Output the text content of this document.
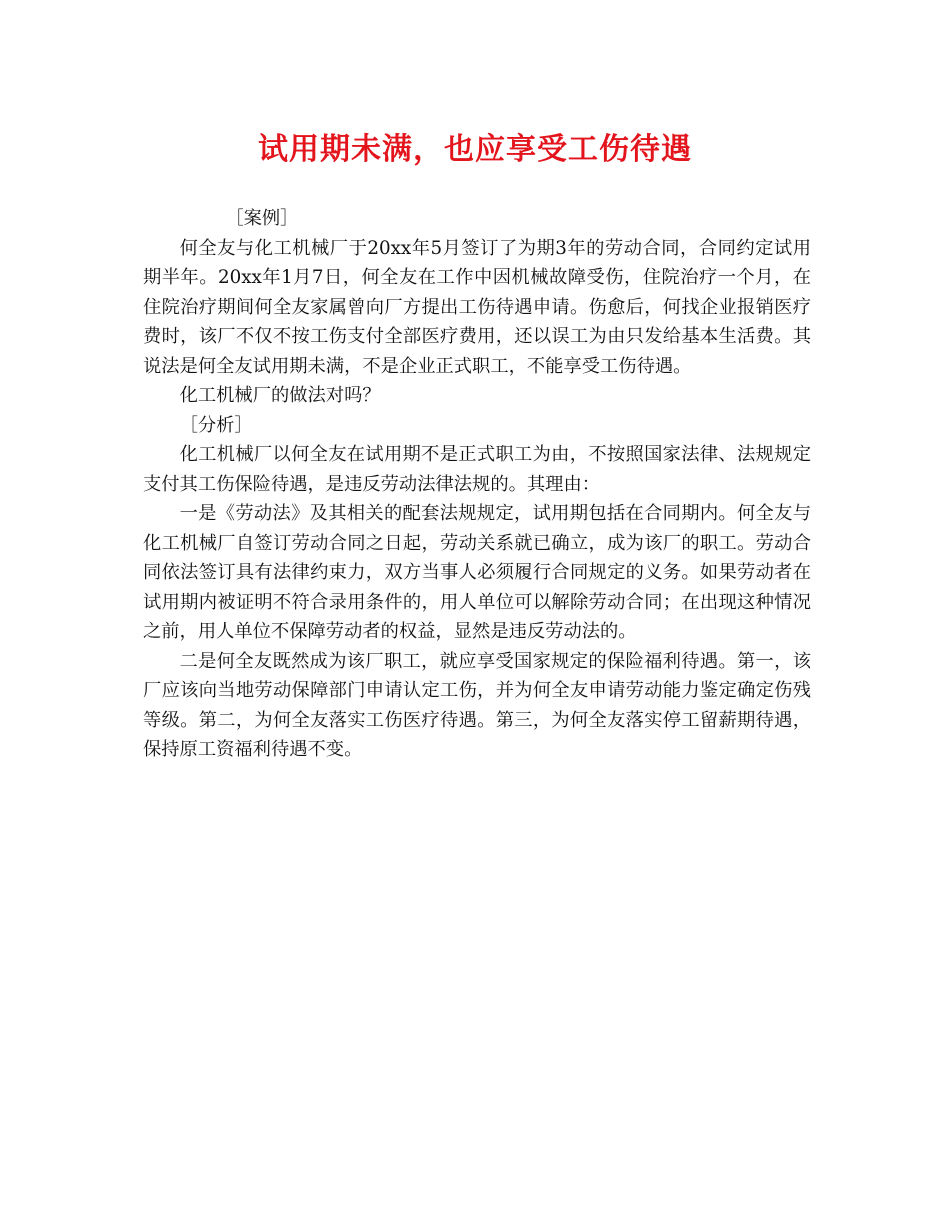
试用期未满，也应享受工伤待遇

［案例］

何全友与化工机械厂于20xx年5月签订了为期3年的劳动合同，合同约定试用期半年。20xx年1月7日，何全友在工作中因机械故障受伤，住院治疗一个月，在住院治疗期间何全友家属曾向厂方提出工伤待遇申请。伤愈后，何找企业报销医疗费时，该厂不仅不按工伤支付全部医疗费用，还以误工为由只发给基本生活费。其说法是何全友试用期未满，不是企业正式职工，不能享受工伤待遇。

化工机械厂的做法对吗？

［分析］

化工机械厂以何全友在试用期不是正式职工为由，不按照国家法律、法规规定支付其工伤保险待遇，是违反劳动法律法规的。其理由：

一是《劳动法》及其相关的配套法规规定，试用期包括在合同期内。何全友与化工机械厂自签订劳动合同之日起，劳动关系就已确立，成为该厂的职工。劳动合同依法签订具有法律约束力，双方当事人必须履行合同规定的义务。如果劳动者在试用期内被证明不符合录用条件的，用人单位可以解除劳动合同；在出现这种情况之前，用人单位不保障劳动者的权益，显然是违反劳动法的。

二是何全友既然成为该厂职工，就应享受国家规定的保险福利待遇。第一，该厂应该向当地劳动保障部门申请认定工伤，并为何全友申请劳动能力鉴定确定伤残等级。第二，为何全友落实工伤医疗待遇。第三，为何全友落实停工留薪期待遇，保持原工资福利待遇不变。
